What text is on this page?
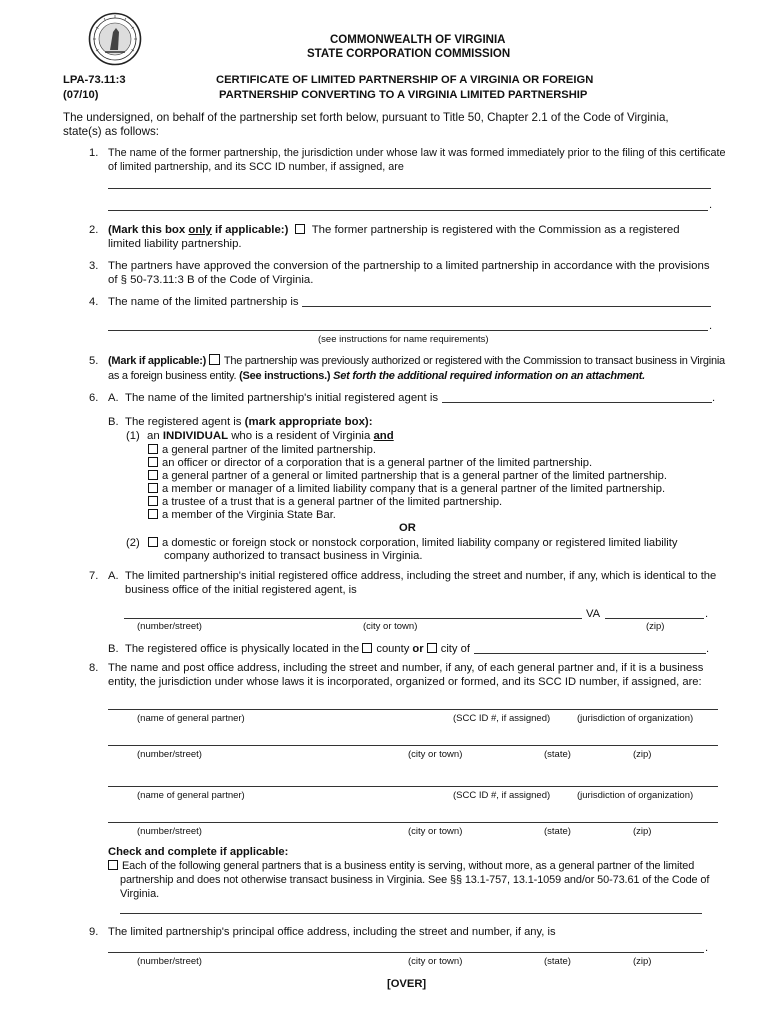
COMMONWEALTH OF VIRGINIA
STATE CORPORATION COMMISSION
LPA-73.11:3
(07/10)
CERTIFICATE OF LIMITED PARTNERSHIP OF A VIRGINIA OR FOREIGN
PARTNERSHIP CONVERTING TO A VIRGINIA LIMITED PARTNERSHIP
The undersigned, on behalf of the partnership set forth below, pursuant to Title 50, Chapter 2.1 of the Code of Virginia,
state(s) as follows:
1. The name of the former partnership, the jurisdiction under whose law it was formed immediately prior to the filing of this certificate
of limited partnership, and its SCC ID number, if assigned, are
.
2. (Mark this box only if applicable:) The former partnership is registered with the Commission as a registered
limited liability partnership.
3. The partners have approved the conversion of the partnership to a limited partnership in accordance with the provisions
of § 50-73.11:3 B of the Code of Virginia.
4. The name of the limited partnership is
.
(see instructions for name requirements)
5. (Mark if applicable:) The partnership was previously authorized or registered with the Commission to transact business in Virginia
as a foreign business entity. (See instructions.) Set forth the additional required information on an attachment.
6. A. The name of the limited partnership's initial registered agent is	.
B. The registered agent is (mark appropriate box):
(1) an INDIVIDUAL who is a resident of Virginia and
a general partner of the limited partnership.
an officer or director of a corporation that is a general partner of the limited partnership.
a general partner of a general or limited partnership that is a general partner of the limited partnership.
a member or manager of a limited liability company that is a general partner of the limited partnership.
a trustee of a trust that is a general partner of the limited partnership.
a member of the Virginia State Bar.
OR
(2)	a domestic or foreign stock or nonstock corporation, limited liability company or registered limited liability
company authorized to transact business in Virginia.
7. A. The limited partnership's initial registered office address, including the street and number, if any, which is identical to the
business office of the initial registered agent, is
VA	.
(number/street)	(city or town)	(zip)
B. The registered office is physically located in the county or city of	.
8. The name and post office address, including the street and number, if any, of each general partner and, if it is a business
entity, the jurisdiction under whose laws it is incorporated, organized or formed, and its SCC ID number, if assigned, are:
(name of general partner)	(SCC ID #, if assigned)	(jurisdiction of organization)
(number/street)	(city or town)	(state)	(zip)
(name of general partner)	(SCC ID #, if assigned)	(jurisdiction of organization)
(number/street)	(city or town)	(state)	(zip)
Check and complete if applicable:
Each of the following general partners that is a business entity is serving, without more, as a general partner of the limited
partnership and does not otherwise transact business in Virginia. See §§ 13.1-757, 13.1-1059 and/or 50-73.61 of the Code of
Virginia.
9. The limited partnership's principal office address, including the street and number, if any, is
.
(number/street)	(city or town)	(state)	(zip)
[OVER]
